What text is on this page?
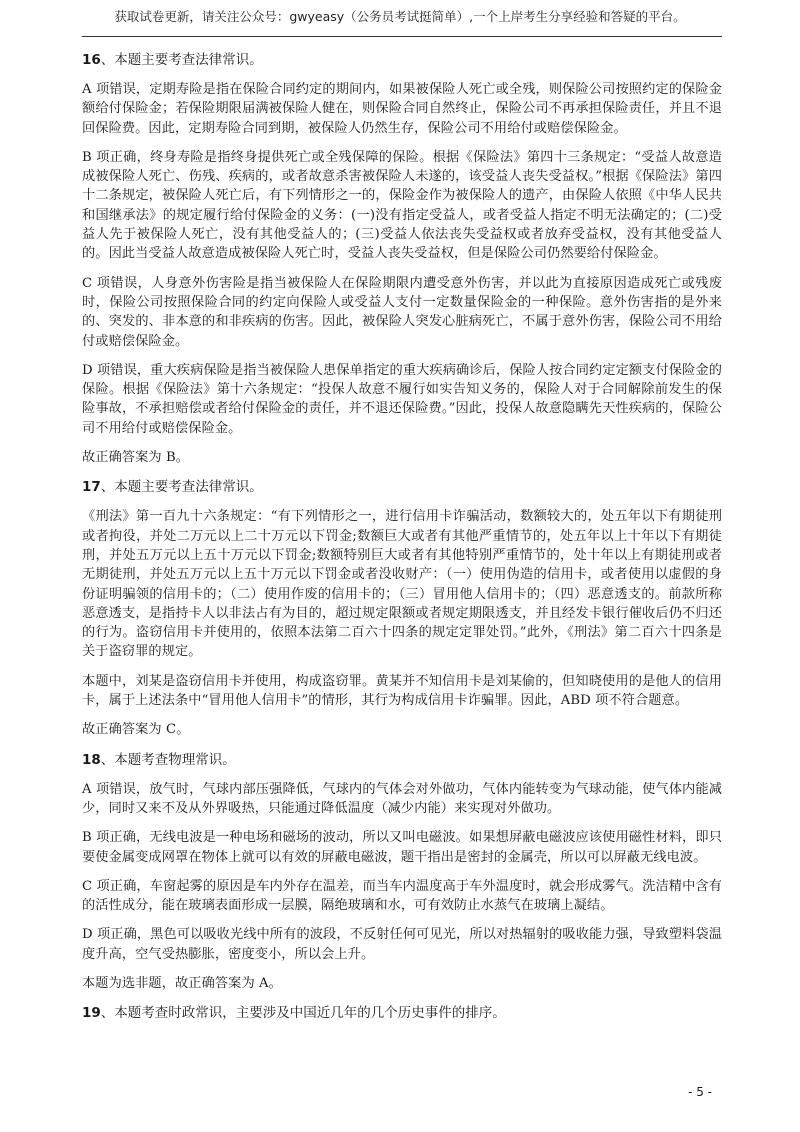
获取试卷更新，请关注公众号：gwyeasy（公务员考试挺简单）,一个上岸考生分享经验和答疑的平台。
16、本题主要考查法律常识。

A 项错误，定期寿险是指在保险合同约定的期间内，如果被保险人死亡或全残，则保险公司按照约定的保险金额给付保险金；若保险期限届满被保险人健在，则保险合同自然终止，保险公司不再承担保险责任，并且不退回保险费。因此，定期寿险合同到期，被保险人仍然生存，保险公司不用给付或赔偿保险金。

B 项正确，终身寿险是指终身提供死亡或全残保障的保险。根据《保险法》第四十三条规定：“受益人故意造成被保险人死亡、伤残、疾病的，或者故意杀害被保险人未遂的，该受益人丧失受益权。”根据《保险法》第四十二条规定，被保险人死亡后，有下列情形之一的，保险金作为被保险人的遗产，由保险人依照《中华人民共和国继承法》的规定履行给付保险金的义务：(一)没有指定受益人，或者受益人指定不明无法确定的；(二)受益人先于被保险人死亡，没有其他受益人的；(三)受益人依法丧失受益权或者放弃受益权，没有其他受益人的。因此当受益人故意造成被保险人死亡时，受益人丧失受益权，但是保险公司仍然要给付保险金。

C 项错误，人身意外伤害险是指当被保险人在保险期限内遭受意外伤害，并以此为直接原因造成死亡或残废时，保险公司按照保险合同的约定向保险人或受益人支付一定数量保险金的一种保险。意外伤害指的是外来的、突发的、非本意的和非疾病的伤害。因此，被保险人突发心脏病死亡，不属于意外伤害，保险公司不用给付或赔偿保险金。

D 项错误，重大疾病保险是指当被保险人患保单指定的重大疾病确诊后，保险人按合同约定定额支付保险金的保险。根据《保险法》第十六条规定：“投保人故意不履行如实告知义务的，保险人对于合同解除前发生的保险事故，不承担赔偿或者给付保险金的责任，并不退还保险费。”因此，投保人故意隐瞒先天性疾病的，保险公司不用给付或赔偿保险金。

故正确答案为 B。

17、本题主要考查法律常识。

《刑法》第一百九十六条规定：“有下列情形之一，进行信用卡诈骗活动，数额较大的，处五年以下有期徒刑或者拘役，并处二万元以上二十万元以下罚金;数额巨大或者有其他严重情节的，处五年以上十年以下有期徒刑，并处五万元以上五十万元以下罚金;数额特别巨大或者有其他特别严重情节的，处十年以上有期徒刑或者无期徒刑，并处五万元以上五十万元以下罚金或者没收财产：（一）使用伪造的信用卡，或者使用以虚假的身份证明骗领的信用卡的；（二）使用作废的信用卡的；（三）冒用他人信用卡的；（四）恶意透支的。前款所称恶意透支，是指持卡人以非法占有为目的，超过规定限额或者规定期限透支，并且经发卡银行催收后仍不归还的行为。盗窃信用卡并使用的，依照本法第二百六十四条的规定定罪处罚。”此外，《刑法》第二百六十四条是关于盗窃罪的规定。

本题中，刘某是盗窃信用卡并使用，构成盗窃罪。黄某并不知信用卡是刘某偷的，但知晓使用的是他人的信用卡，属于上述法条中“冒用他人信用卡”的情形，其行为构成信用卡诈骗罪。因此，ABD 项不符合题意。

故正确答案为 C。

18、本题考查物理常识。

A 项错误，放气时，气球内部压强降低，气球内的气体会对外做功，气体内能转变为气球动能，使气体内能减少，同时又来不及从外界吸热，只能通过降低温度（减少内能）来实现对外做功。

B 项正确，无线电波是一种电场和磁场的波动，所以又叫电磁波。如果想屏蔽电磁波应该使用磁性材料，即只要使金属变成网罩在物体上就可以有效的屏蔽电磁波，题干指出是密封的金属壳，所以可以屏蔽无线电波。

C 项正确，车窗起雾的原因是车内外存在温差，而当车内温度高于车外温度时，就会形成雾气。洗洁精中含有的活性成分，能在玻璃表面形成一层膜，隔绝玻璃和水，可有效防止水蒸气在玻璃上凝结。

D 项正确，黑色可以吸收光线中所有的波段，不反射任何可见光，所以对热辐射的吸收能力强，导致塑料袋温度升高，空气受热膨胀，密度变小，所以会上升。

本题为选非题，故正确答案为 A。

19、本题考查时政常识，主要涉及中国近几年的几个历史事件的排序。
- 5 -
